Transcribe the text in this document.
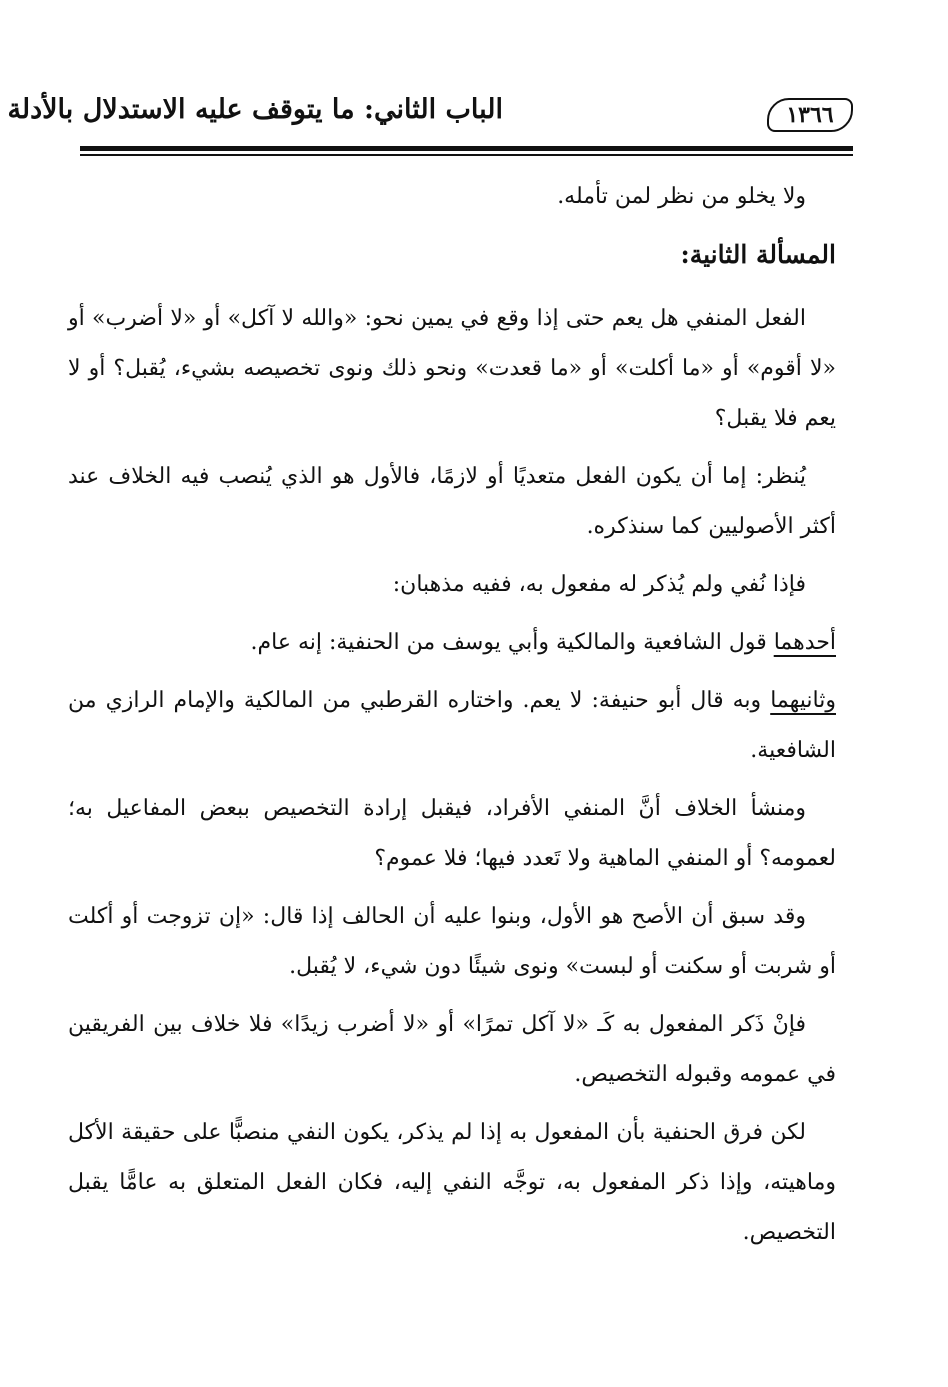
١٣٦٦
الباب الثاني: ما يتوقف عليه الاستدلال بالأدلة

ولا يخلو من نظر لمن تأمله.

المسألة الثانية:

الفعل المنفي هل يعم حتى إذا وقع في يمين نحو: «والله لا آكل» أو «لا أضرب» أو «لا أقوم» أو «ما أكلت» أو «ما قعدت» ونحو ذلك ونوى تخصيصه بشيء، يُقبل؟ أو لا يعم فلا يقبل؟

يُنظر: إما أن يكون الفعل متعديًا أو لازمًا، فالأول هو الذي يُنصب فيه الخلاف عند أكثر الأصوليين كما سنذكره.

فإذا نُفي ولم يُذكر له مفعول به، ففيه مذهبان:

أحدهما قول الشافعية والمالكية وأبي يوسف من الحنفية: إنه عام.

وثانيهما وبه قال أبو حنيفة: لا يعم. واختاره القرطبي من المالكية والإمام الرازي من الشافعية.

ومنشأ الخلاف أنَّ المنفي الأفراد، فيقبل إرادة التخصيص ببعض المفاعيل به؛ لعمومه؟ أو المنفي الماهية ولا تَعدد فيها؛ فلا عموم؟

وقد سبق أن الأصح هو الأول، وبنوا عليه أن الحالف إذا قال: «إن تزوجت أو أكلت أو شربت أو سكنت أو لبست» ونوى شيئًا دون شيء، لا يُقبل.

فإنْ ذَكر المفعول به كَـ «لا آكل تمرًا» أو «لا أضرب زيدًا» فلا خلاف بين الفريقين في عمومه وقبوله التخصيص.

لكن فرق الحنفية بأن المفعول به إذا لم يذكر، يكون النفي منصبًّا على حقيقة الأكل وماهيته، وإذا ذكر المفعول به، توجَّه النفي إليه، فكان الفعل المتعلق به عامًّا يقبل التخصيص.
